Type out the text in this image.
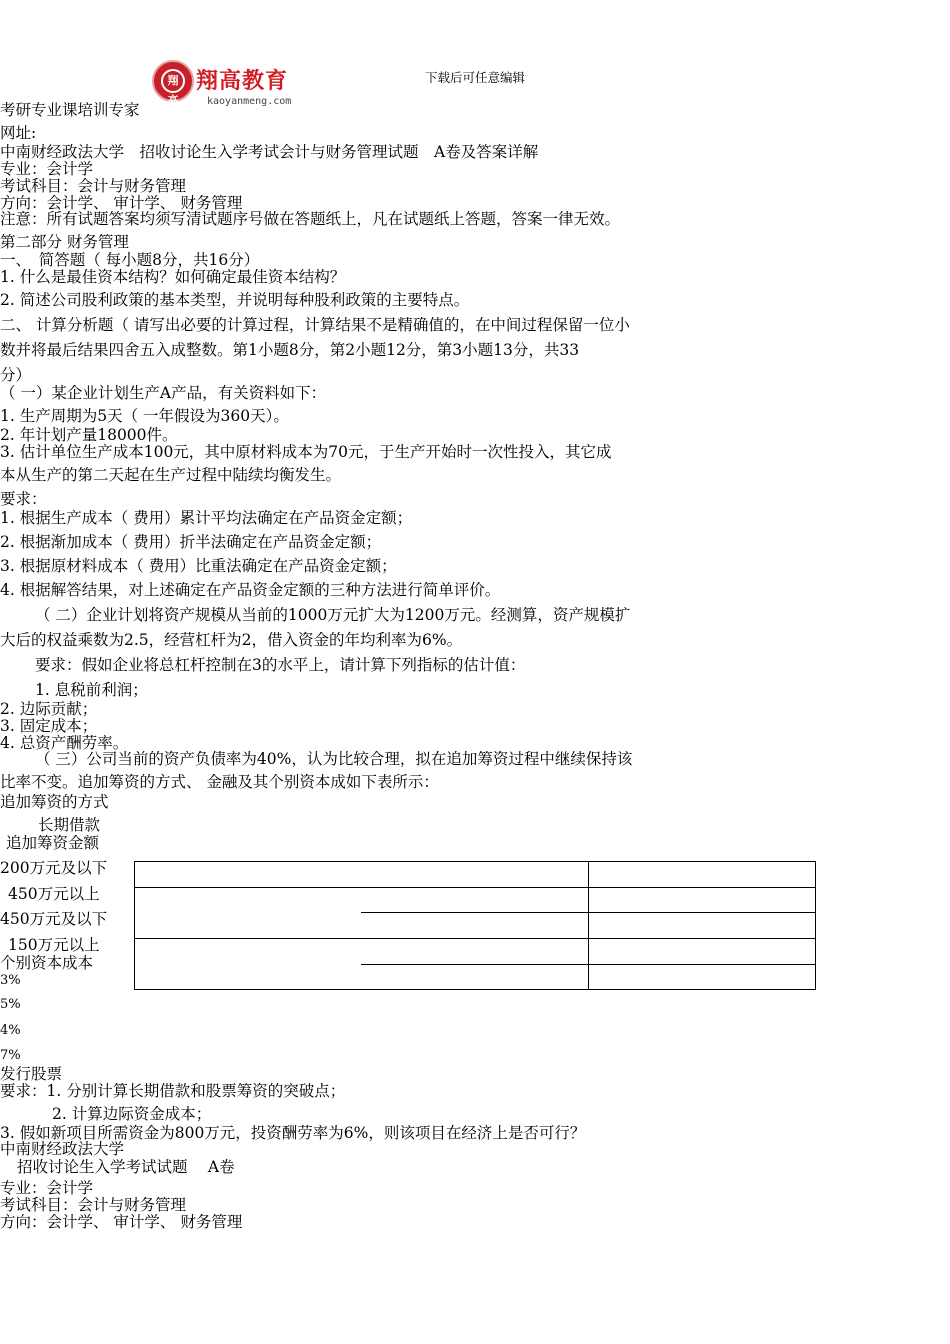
翔高
翔高教育
kaoyanmeng.com
下载后可任意编辑
考研专业课培训专家
网址:
中南财经政法大学　招收讨论生入学考试会计与财务管理试题　A卷及答案详解
专业：会计学
考试科目：会计与财务管理
方向：会计学、 审计学、 财务管理
注意：所有试题答案均须写清试题序号做在答题纸上，凡在试题纸上答题，答案一律无效。
第二部分 财务管理
一、　简答题（ 每小题8分，共16分）
1. 什么是最佳资本结构？如何确定最佳资本结构？
2. 简述公司股利政策的基本类型，并说明每种股利政策的主要特点。
二、 计算分析题（ 请写出必要的计算过程，计算结果不是精确值的，在中间过程保留一位小
数并将最后结果四舍五入成整数。第1小题8分，第2小题12分，第3小题13分，共33
分）
（ 一）某企业计划生产A产品，有关资料如下：
1. 生产周期为5天（ 一年假设为360天）。
2. 年计划产量18000件。
3. 估计单位生产成本100元，其中原材料成本为70元，于生产开始时一次性投入，其它成
本从生产的第二天起在生产过程中陆续均衡发生。
要求：
1. 根据生产成本（ 费用）累计平均法确定在产品资金定额；
2. 根据渐加成本（ 费用）折半法确定在产品资金定额；
3. 根据原材料成本（ 费用）比重法确定在产品资金定额；
4. 根据解答结果，对上述确定在产品资金定额的三种方法进行简单评价。
（ 二）企业计划将资产规模从当前的1000万元扩大为1200万元。经测算，资产规模扩
大后的权益乘数为2.5，经营杠杆为2，借入资金的年均利率为6%。
要求：假如企业将总杠杆控制在3的水平上，请计算下列指标的估计值：
1. 息税前利润；
2. 边际贡献；
3. 固定成本；
4. 总资产酬劳率。
（ 三）公司当前的资产负债率为40%，认为比较合理，拟在追加筹资过程中继续保持该
比率不变。追加筹资的方式、 金融及其个别资本成如下表所示：
追加筹资的方式
长期借款
追加筹资金额
200万元及以下
450万元以上
450万元及以下
150万元以上
个别资本成本
3%
5%
4%
7%
发行股票
要求：1. 分别计算长期借款和股票筹资的突破点；
2. 计算边际资金成本；
3. 假如新项目所需资金为800万元，投资酬劳率为6%，则该项目在经济上是否可行？
中南财经政法大学
招收讨论生入学考试试题　 A卷
专业：会计学
考试科目：会计与财务管理
方向：会计学、 审计学、 财务管理
